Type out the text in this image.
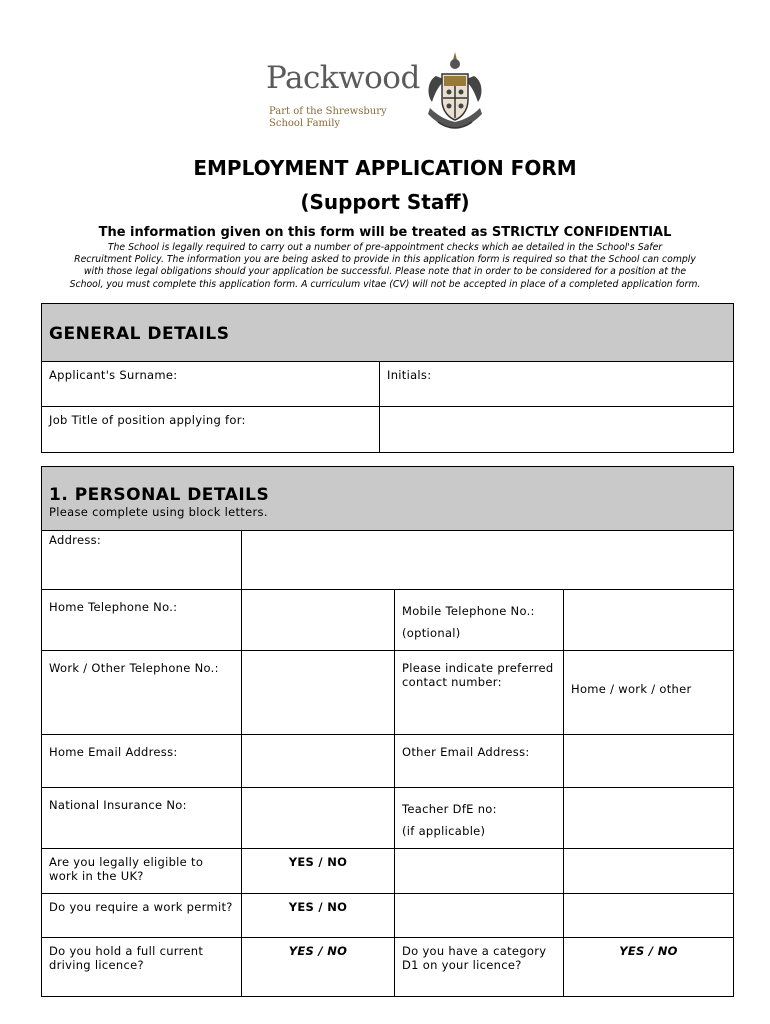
Packwood
Part of the Shrewsbury
School Family
EMPLOYMENT APPLICATION FORM
(Support Staff)
The information given on this form will be treated as STRICTLY CONFIDENTIAL
The School is legally required to carry out a number of pre-appointment checks which ae detailed in the School's Safer
Recruitment Policy. The information you are being asked to provide in this application form is required so that the School can comply
with those legal obligations should your application be successful. Please note that in order to be considered for a position at the
School, you must complete this application form. A curriculum vitae (CV) will not be accepted in place of a completed application form.
GENERAL DETAILS	
Applicant's Surname:	Initials:
Job Title of position applying for:	
1. PERSONAL DETAILS
Please complete using block letters.			

Address:			
Home Telephone No.:		Mobile Telephone No.:
(optional)	

Work / Other Telephone No.:		Please indicate preferred contact number:	Home / work / other
Home Email Address:		Other Email Address:	
National Insurance No:		Teacher DfE no:
(if applicable)	

Are you legally eligible to work in the UK?	YES / NO		
Do you require a work permit?	YES / NO		
Do you hold a full current driving licence?	YES / NO	Do you have a category D1 on your licence?	YES / NO
